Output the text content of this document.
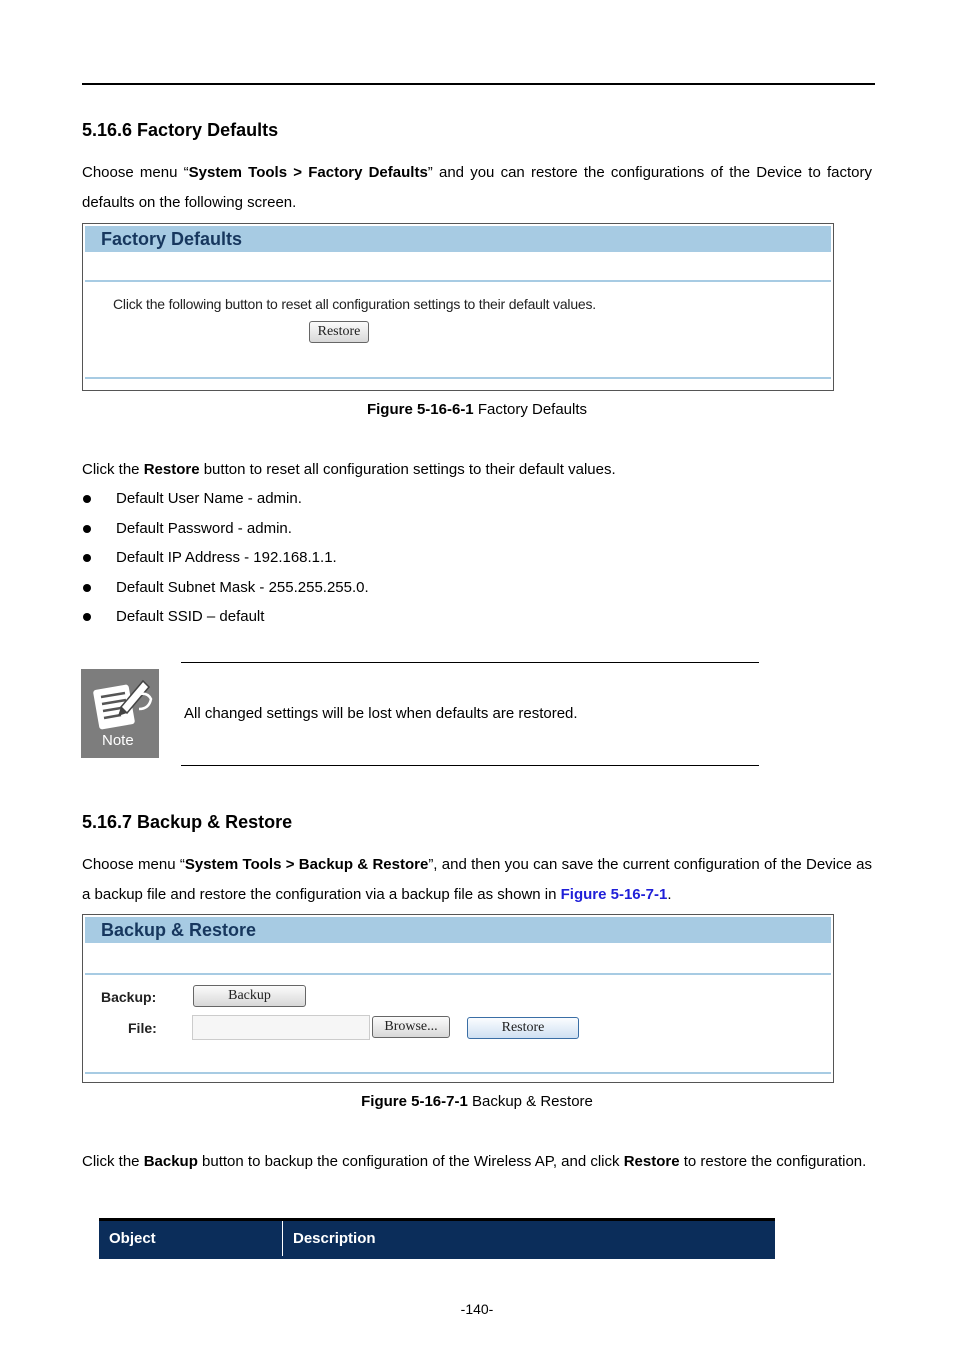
5.16.6 Factory Defaults
Choose menu “System Tools > Factory Defaults” and you can restore the configurations of the Device to factory defaults on the following screen.
Factory Defaults
Click the following button to reset all configuration settings to their default values.
Restore
Figure 5-16-6-1 Factory Defaults
Click the Restore button to reset all configuration settings to their default values.
Default User Name - admin.
Default Password - admin.
Default IP Address - 192.168.1.1.
Default Subnet Mask - 255.255.255.0.
Default SSID – default
Note
All changed settings will be lost when defaults are restored.
5.16.7 Backup & Restore
Choose menu “System Tools > Backup & Restore”, and then you can save the current configuration of the Device as a backup file and restore the configuration via a backup file as shown in Figure 5-16-7-1.
Backup & Restore
Backup:	Backup
File:	Browse...	Restore
Figure 5-16-7-1 Backup & Restore
Click the Backup button to backup the configuration of the Wireless AP, and click Restore to restore the configuration.
Object	Description
-140-
